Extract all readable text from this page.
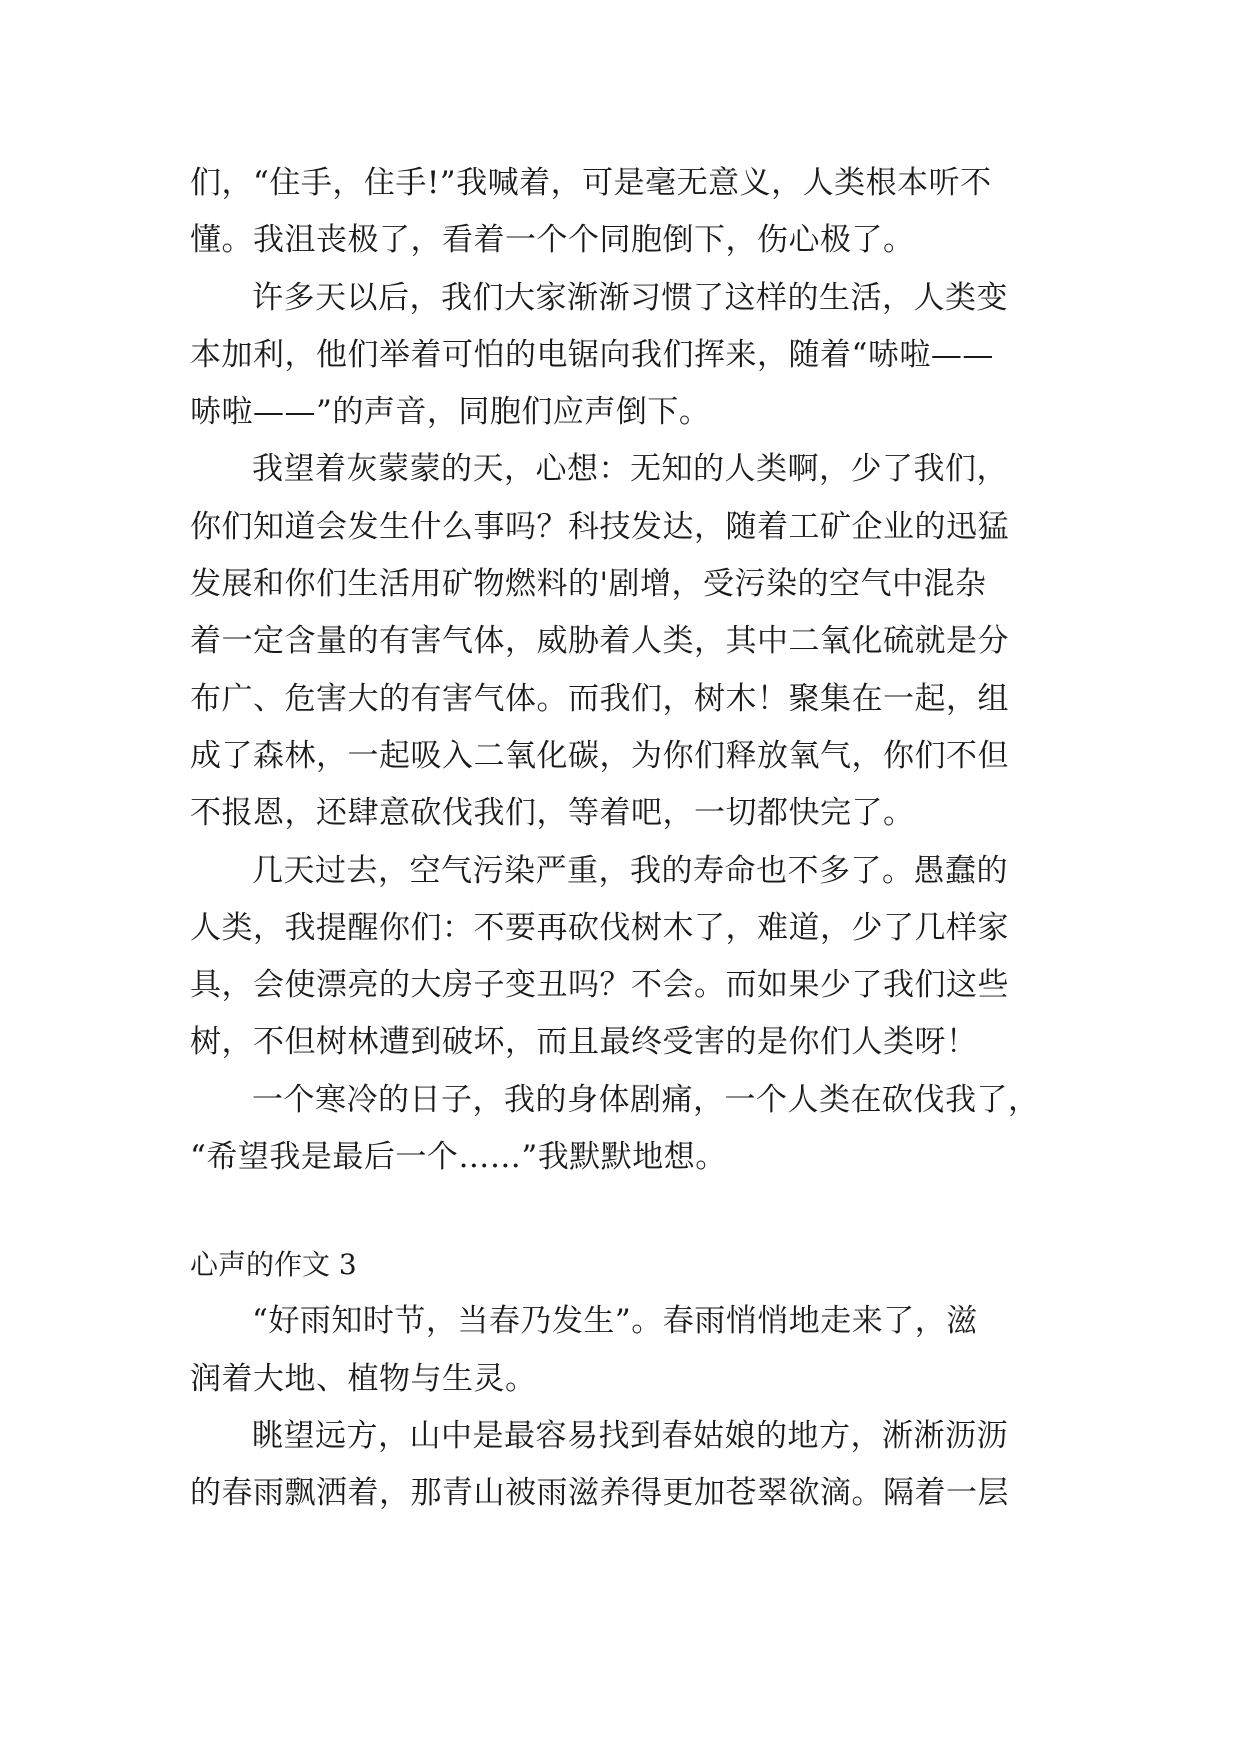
们，“住手，住手!”我喊着，可是毫无意义，人类根本听不
懂。我沮丧极了，看着一个个同胞倒下，伤心极了。
许多天以后，我们大家渐渐习惯了这样的生活，人类变
本加利，他们举着可怕的电锯向我们挥来，随着“哧啦——
哧啦——”的声音，同胞们应声倒下。
我望着灰蒙蒙的天，心想：无知的人类啊，少了我们，
你们知道会发生什么事吗？科技发达，随着工矿企业的迅猛
发展和你们生活用矿物燃料的'剧增，受污染的空气中混杂
着一定含量的有害气体，威胁着人类，其中二氧化硫就是分
布广、危害大的有害气体。而我们，树木！聚集在一起，组
成了森林，一起吸入二氧化碳，为你们释放氧气，你们不但
不报恩，还肆意砍伐我们，等着吧，一切都快完了。
几天过去，空气污染严重，我的寿命也不多了。愚蠢的
人类，我提醒你们：不要再砍伐树木了，难道，少了几样家
具，会使漂亮的大房子变丑吗？不会。而如果少了我们这些
树，不但树林遭到破坏，而且最终受害的是你们人类呀！
一个寒冷的日子，我的身体剧痛，一个人类在砍伐我了，
“希望我是最后一个……”我默默地想。
心声的作文 3
“好雨知时节，当春乃发生”。春雨悄悄地走来了，滋
润着大地、植物与生灵。
眺望远方，山中是最容易找到春姑娘的地方，淅淅沥沥
的春雨飘洒着，那青山被雨滋养得更加苍翠欲滴。隔着一层
